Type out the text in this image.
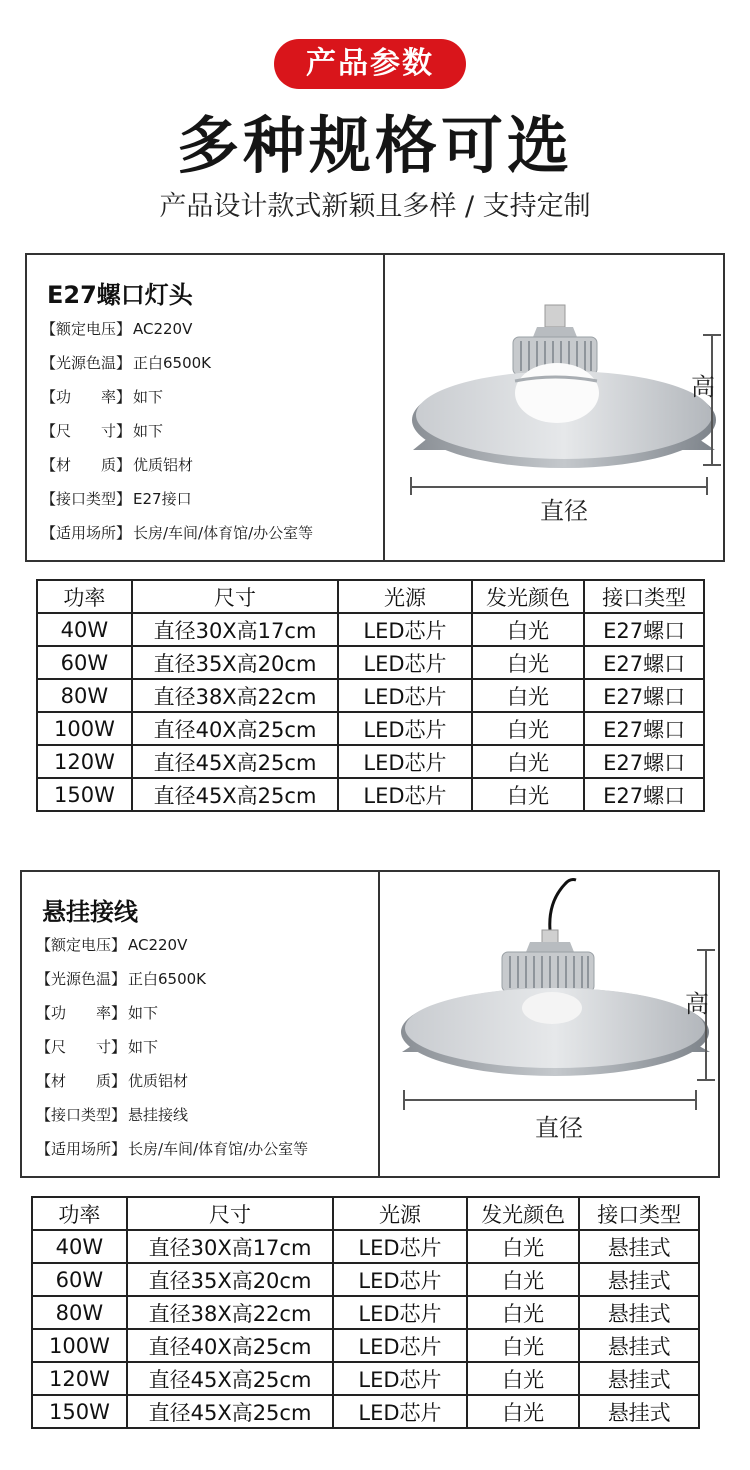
产品参数
多种规格可选
产品设计款式新颖且多样 / 支持定制
E27螺口灯头
【额定电压】 AC220V
【光源色温】 正白6500K
【功　　率】 如下
【尺　　寸】 如下
【材　　质】 优质铝材
【接口类型】 E27接口
【适用场所】 长房/车间/体育馆/办公室等
高
直径
功率	尺寸	光源	发光颜色	接口类型
40W	直径30X高17cm	LED芯片	白光	E27螺口
60W	直径35X高20cm	LED芯片	白光	E27螺口
80W	直径38X高22cm	LED芯片	白光	E27螺口
100W	直径40X高25cm	LED芯片	白光	E27螺口
120W	直径45X高25cm	LED芯片	白光	E27螺口
150W	直径45X高25cm	LED芯片	白光	E27螺口
悬挂接线
【额定电压】 AC220V
【光源色温】 正白6500K
【功　　率】 如下
【尺　　寸】 如下
【材　　质】 优质铝材
【接口类型】 悬挂接线
【适用场所】 长房/车间/体育馆/办公室等
高
直径
功率	尺寸	光源	发光颜色	接口类型
40W	直径30X高17cm	LED芯片	白光	悬挂式
60W	直径35X高20cm	LED芯片	白光	悬挂式
80W	直径38X高22cm	LED芯片	白光	悬挂式
100W	直径40X高25cm	LED芯片	白光	悬挂式
120W	直径45X高25cm	LED芯片	白光	悬挂式
150W	直径45X高25cm	LED芯片	白光	悬挂式
